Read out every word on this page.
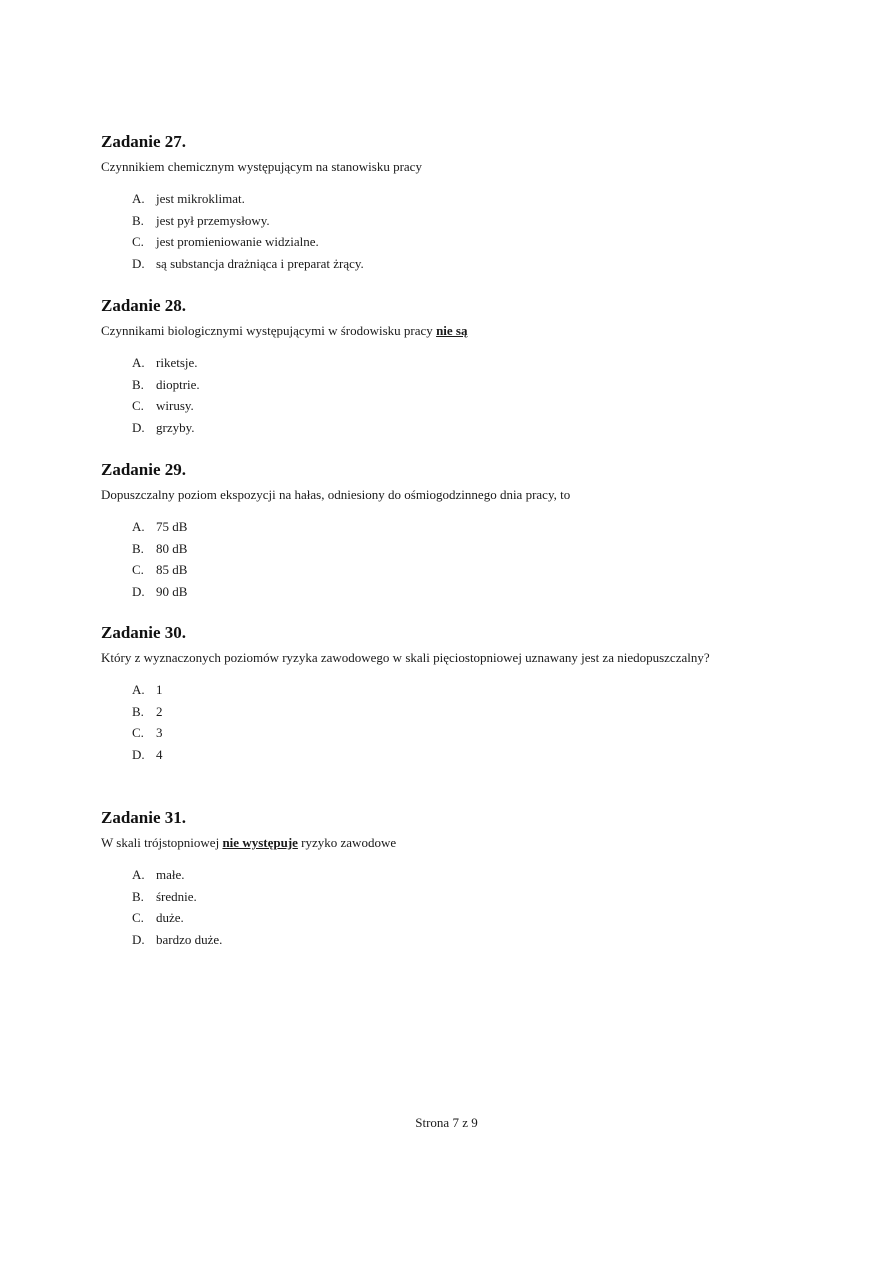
Zadanie 27.

Czynnikiem chemicznym występującym na stanowisku pracy

A. jest mikroklimat.
B. jest pył przemysłowy.
C. jest promieniowanie widzialne.
D. są substancja drażniąca i preparat żrący.
Zadanie 28.

Czynnikami biologicznymi występującymi w środowisku pracy nie są

A. riketsje.
B. dioptrie.
C. wirusy.
D. grzyby.
Zadanie 29.

Dopuszczalny poziom ekspozycji na hałas, odniesiony do ośmiogodzinnego dnia pracy, to

A. 75 dB
B. 80 dB
C. 85 dB
D. 90 dB
Zadanie 30.

Który z wyznaczonych poziomów ryzyka zawodowego w skali pięciostopniowej uznawany jest za niedopuszczalny?

A. 1
B. 2
C. 3
D. 4
Zadanie 31.

W skali trójstopniowej nie występuje ryzyko zawodowe

A. małe.
B. średnie.
C. duże.
D. bardzo duże.
Strona 7 z 9
